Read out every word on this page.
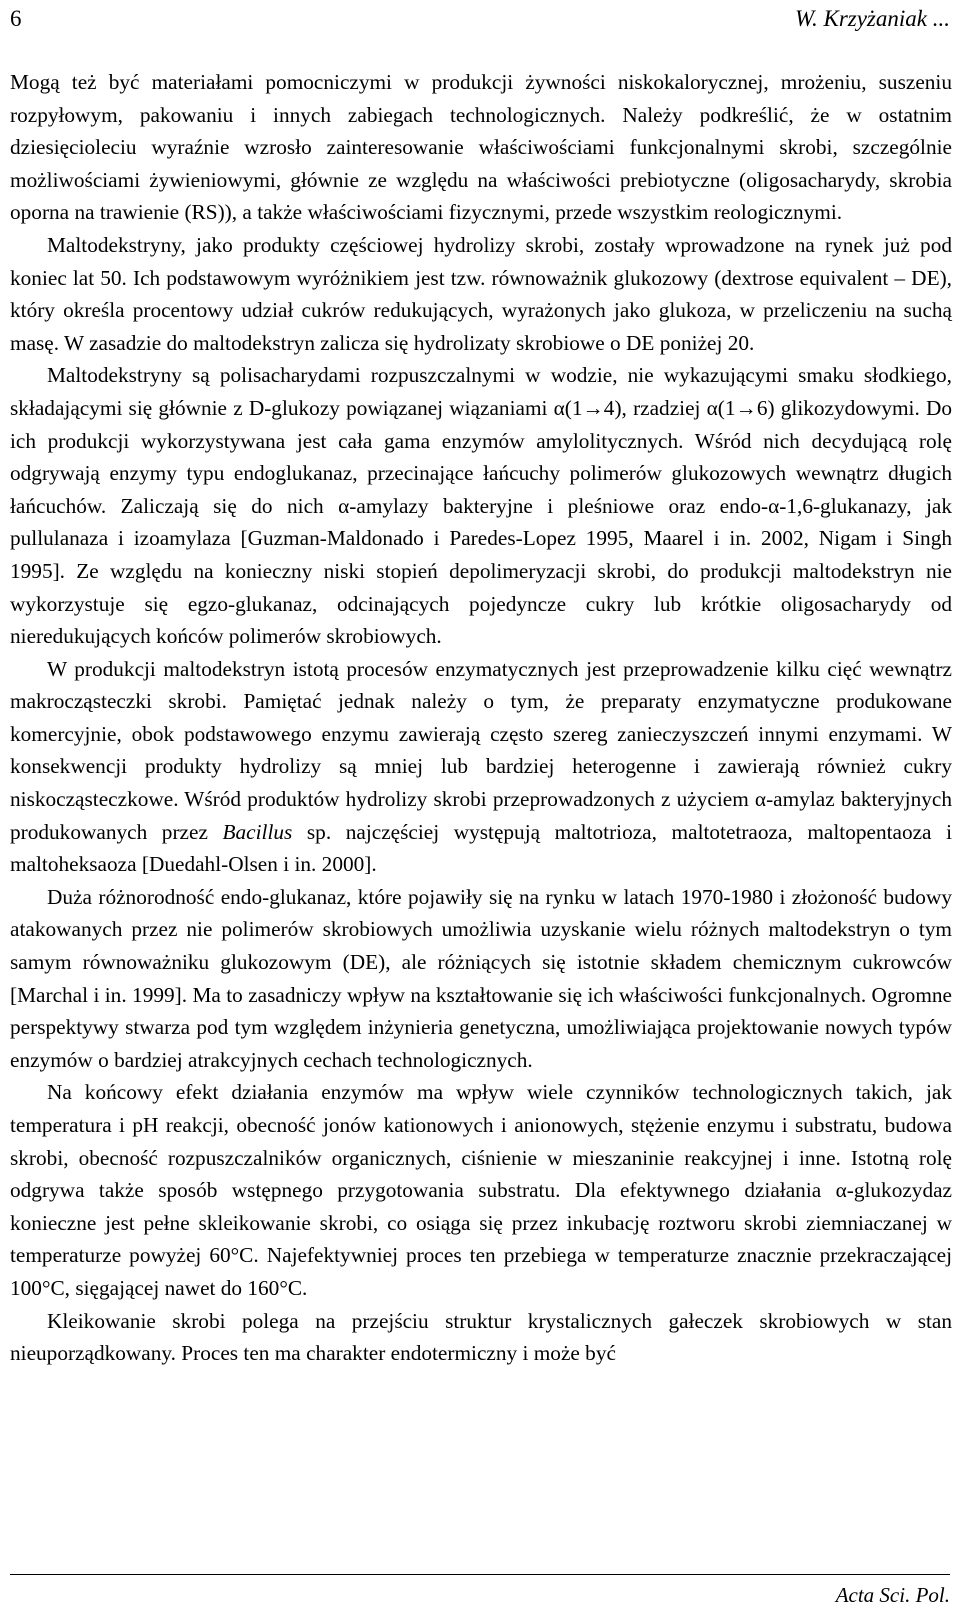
6	W. Krzyżaniak ...

Mogą też być materiałami pomocniczymi w produkcji żywności niskokalorycznej, mrożeniu, suszeniu rozpyłowym, pakowaniu i innych zabiegach technologicznych. Należy podkreślić, że w ostatnim dziesięcioleciu wyraźnie wzrosło zainteresowanie właściwościami funkcjonalnymi skrobi, szczególnie możliwościami żywieniowymi, głównie ze względu na właściwości prebiotyczne (oligosacharydy, skrobia oporna na trawienie (RS)), a także właściwościami fizycznymi, przede wszystkim reologicznymi.

Maltodekstryny, jako produkty częściowej hydrolizy skrobi, zostały wprowadzone na rynek już pod koniec lat 50. Ich podstawowym wyróżnikiem jest tzw. równoważnik glukozowy (dextrose equivalent – DE), który określa procentowy udział cukrów redukujących, wyrażonych jako glukoza, w przeliczeniu na suchą masę. W zasadzie do maltodekstryn zalicza się hydrolizaty skrobiowe o DE poniżej 20.

Maltodekstryny są polisacharydami rozpuszczalnymi w wodzie, nie wykazującymi smaku słodkiego, składającymi się głównie z D-glukozy powiązanej wiązaniami α(1→4), rzadziej α(1→6) glikozydowymi. Do ich produkcji wykorzystywana jest cała gama enzymów amylolitycznych. Wśród nich decydującą rolę odgrywają enzymy typu endoglukanaz, przecinające łańcuchy polimerów glukozowych wewnątrz długich łańcuchów. Zaliczają się do nich α-amylazy bakteryjne i pleśniowe oraz endo-α-1,6-glukanazy, jak pullulanaza i izoamylaza [Guzman-Maldonado i Paredes-Lopez 1995, Maarel i in. 2002, Nigam i Singh 1995]. Ze względu na konieczny niski stopień depolimeryzacji skrobi, do produkcji maltodekstryn nie wykorzystuje się egzo-glukanaz, odcinających pojedyncze cukry lub krótkie oligosacharydy od nieredukujących końców polimerów skrobiowych.

W produkcji maltodekstryn istotą procesów enzymatycznych jest przeprowadzenie kilku cięć wewnątrz makrocząsteczki skrobi. Pamiętać jednak należy o tym, że preparaty enzymatyczne produkowane komercyjnie, obok podstawowego enzymu zawierają często szereg zanieczyszczeń innymi enzymami. W konsekwencji produkty hydrolizy są mniej lub bardziej heterogenne i zawierają również cukry niskocząsteczkowe. Wśród produktów hydrolizy skrobi przeprowadzonych z użyciem α-amylaz bakteryjnych produkowanych przez Bacillus sp. najczęściej występują maltotrioza, maltotetraoza, maltopentaoza i maltoheksaoza [Duedahl-Olsen i in. 2000].

Duża różnorodność endo-glukanaz, które pojawiły się na rynku w latach 1970-1980 i złożoność budowy atakowanych przez nie polimerów skrobiowych umożliwia uzyskanie wielu różnych maltodekstryn o tym samym równoważniku glukozowym (DE), ale różniących się istotnie składem chemicznym cukrowców [Marchal i in. 1999]. Ma to zasadniczy wpływ na kształtowanie się ich właściwości funkcjonalnych. Ogromne perspektywy stwarza pod tym względem inżynieria genetyczna, umożliwiająca projektowanie nowych typów enzymów o bardziej atrakcyjnych cechach technologicznych.

Na końcowy efekt działania enzymów ma wpływ wiele czynników technologicznych takich, jak temperatura i pH reakcji, obecność jonów kationowych i anionowych, stężenie enzymu i substratu, budowa skrobi, obecność rozpuszczalników organicznych, ciśnienie w mieszaninie reakcyjnej i inne. Istotną rolę odgrywa także sposób wstępnego przygotowania substratu. Dla efektywnego działania α-glukozydaz konieczne jest pełne skleikowanie skrobi, co osiąga się przez inkubację roztworu skrobi ziemniaczanej w temperaturze powyżej 60°C. Najefektywniej proces ten przebiega w temperaturze znacznie przekraczającej 100°C, sięgającej nawet do 160°C.

Kleikowanie skrobi polega na przejściu struktur krystalicznych gałeczek skrobiowych w stan nieuporządkowany. Proces ten ma charakter endotermiczny i może być

Acta Sci. Pol.
